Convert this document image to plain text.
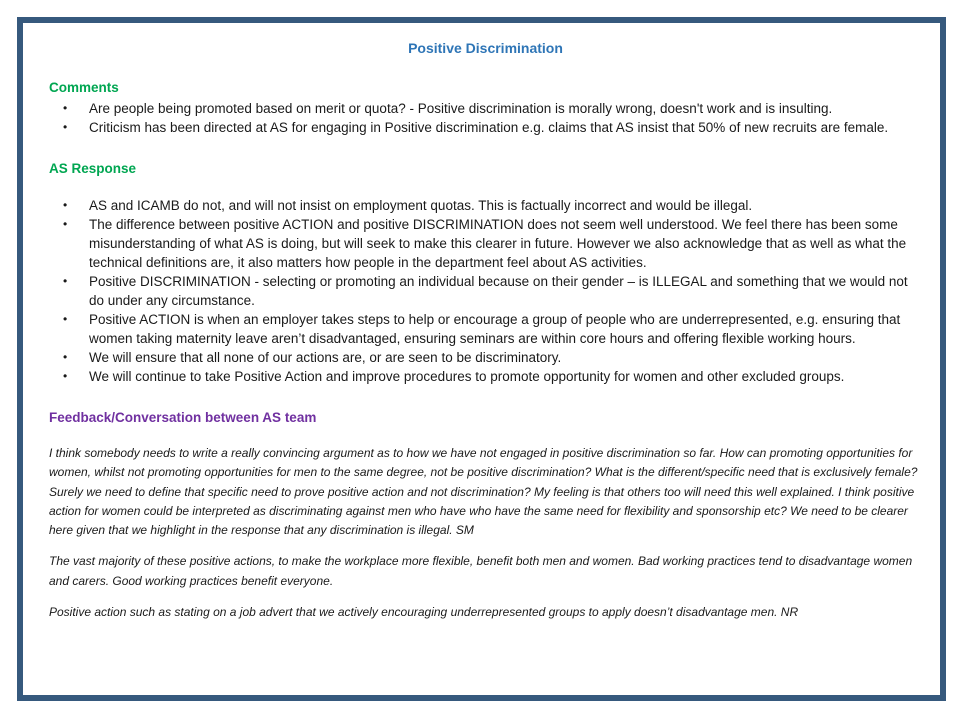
Positive Discrimination
Comments
•	Are people being promoted based on merit or quota? - Positive discrimination is morally wrong, doesn't work and is insulting.
•	Criticism has been directed at AS for engaging in Positive discrimination e.g. claims that AS insist that 50% of new recruits are female.
AS Response
•	AS and ICAMB do not, and will not insist on employment quotas. This is factually incorrect and would be illegal.
•	The difference between positive ACTION and positive DISCRIMINATION does not seem well understood. We feel there has been some misunderstanding of what AS is doing, but will seek to make this clearer in future. However we also acknowledge that as well as what the technical definitions are, it also matters how people in the department feel about AS activities.
•	Positive DISCRIMINATION - selecting or promoting an individual because on their gender – is ILLEGAL and something that we would not do under any circumstance.
•	Positive ACTION is when an employer takes steps to help or encourage a group of people who are underrepresented, e.g. ensuring that women taking maternity leave aren’t disadvantaged, ensuring seminars are within core hours and offering flexible working hours.
•	We will ensure that all none of our actions are, or are seen to be discriminatory.
•	We will continue to take Positive Action and improve procedures to promote opportunity for women and other excluded groups.
Feedback/Conversation between AS team

I think somebody needs to write a really convincing argument as to how we have not engaged in positive discrimination so far. How can promoting opportunities for women, whilst not promoting opportunities for men to the same degree, not be positive discrimination? What is the different/specific need that is exclusively female? Surely we need to define that specific need to prove positive action and not discrimination? My feeling is that others too will need this well explained. I think positive action for women could be interpreted as discriminating against men who have who have the same need for flexibility and sponsorship etc? We need to be clearer here given that we highlight in the response that any discrimination is illegal. SM

The vast majority of these positive actions, to make the workplace more flexible, benefit both men and women. Bad working practices tend to disadvantage women and carers. Good working practices benefit everyone.

Positive action such as stating on a job advert that we actively encouraging underrepresented groups to apply doesn’t disadvantage men. NR
